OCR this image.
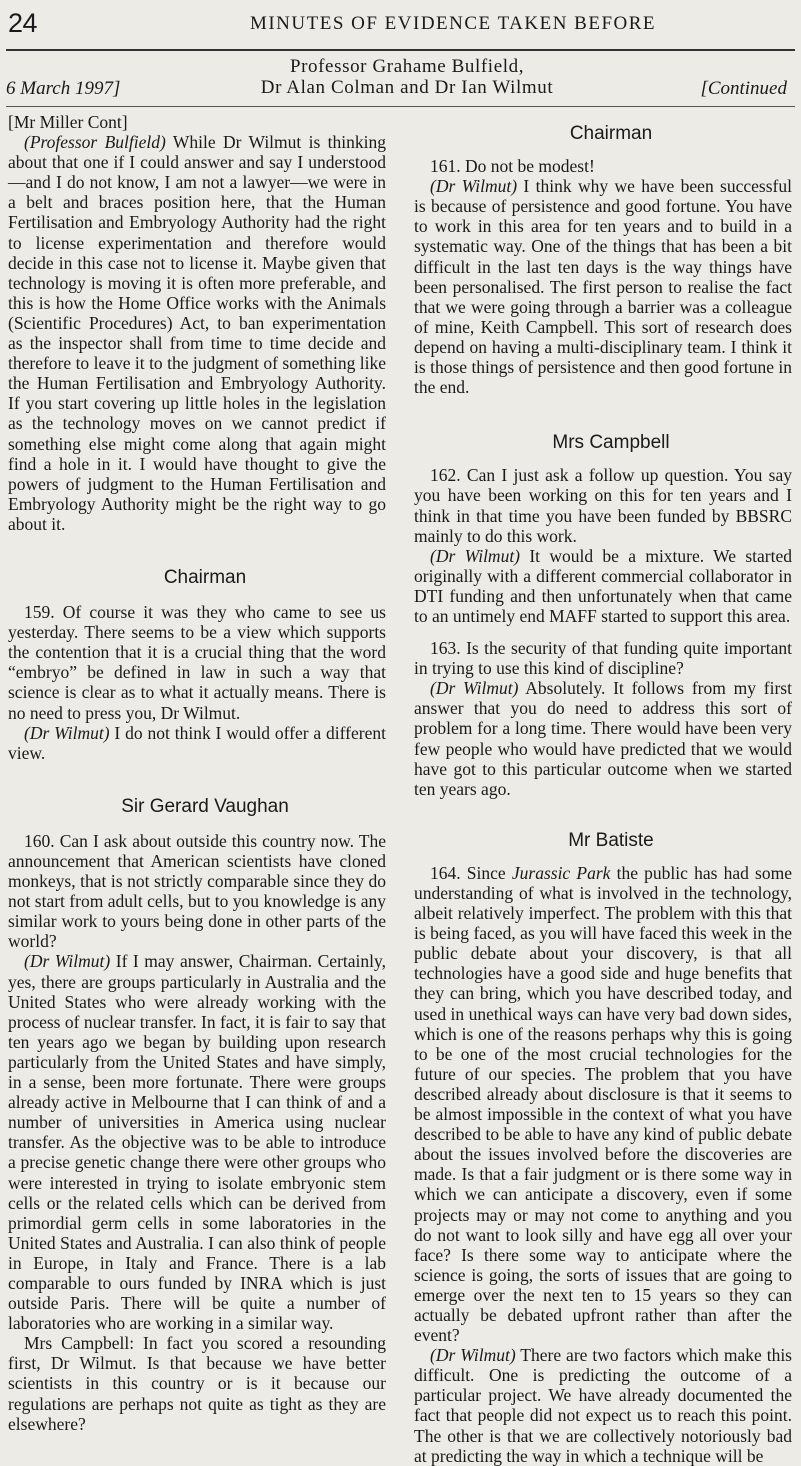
24	MINUTES OF EVIDENCE TAKEN BEFORE
6 March 1997]
Professor Grahame Bulfield,
Dr Alan Colman and Dr Ian Wilmut	[Continued

[Mr Miller Cont]

(Professor Bulfield) While Dr Wilmut is thinking about that one if I could answer and say I understood—and I do not know, I am not a lawyer—we were in a belt and braces position here, that the Human Fertilisation and Embryology Authority had the right to license experimentation and therefore would decide in this case not to license it. Maybe given that technology is moving it is often more preferable, and this is how the Home Office works with the Animals (Scientific Procedures) Act, to ban experimentation as the inspector shall from time to time decide and therefore to leave it to the judgment of something like the Human Fertilisation and Embryology Authority. If you start covering up little holes in the legislation as the technology moves on we cannot predict if something else might come along that again might find a hole in it. I would have thought to give the powers of judgment to the Human Fertilisation and Embryology Authority might be the right way to go about it.

Chairman

159. Of course it was they who came to see us yesterday. There seems to be a view which supports the contention that it is a crucial thing that the word “embryo” be defined in law in such a way that science is clear as to what it actually means. There is no need to press you, Dr Wilmut.

(Dr Wilmut) I do not think I would offer a different view.

Sir Gerard Vaughan

160. Can I ask about outside this country now. The announcement that American scientists have cloned monkeys, that is not strictly comparable since they do not start from adult cells, but to you knowledge is any similar work to yours being done in other parts of the world?

(Dr Wilmut) If I may answer, Chairman. Certainly, yes, there are groups particularly in Australia and the United States who were already working with the process of nuclear transfer. In fact, it is fair to say that ten years ago we began by building upon research particularly from the United States and have simply, in a sense, been more fortunate. There were groups already active in Melbourne that I can think of and a number of universities in America using nuclear transfer. As the objective was to be able to introduce a precise genetic change there were other groups who were interested in trying to isolate embryonic stem cells or the related cells which can be derived from primordial germ cells in some laboratories in the United States and Australia. I can also think of people in Europe, in Italy and France. There is a lab comparable to ours funded by INRA which is just outside Paris. There will be quite a number of laboratories who are working in a similar way.

Mrs Campbell: In fact you scored a resounding first, Dr Wilmut. Is that because we have better scientists in this country or is it because our regulations are perhaps not quite as tight as they are elsewhere?

Chairman

161. Do not be modest!

(Dr Wilmut) I think why we have been successful is because of persistence and good fortune. You have to work in this area for ten years and to build in a systematic way. One of the things that has been a bit difficult in the last ten days is the way things have been personalised. The first person to realise the fact that we were going through a barrier was a colleague of mine, Keith Campbell. This sort of research does depend on having a multi-disciplinary team. I think it is those things of persistence and then good fortune in the end.

Mrs Campbell

162. Can I just ask a follow up question. You say you have been working on this for ten years and I think in that time you have been funded by BBSRC mainly to do this work.

(Dr Wilmut) It would be a mixture. We started originally with a different commercial collaborator in DTI funding and then unfortunately when that came to an untimely end MAFF started to support this area.

163. Is the security of that funding quite important in trying to use this kind of discipline?

(Dr Wilmut) Absolutely. It follows from my first answer that you do need to address this sort of problem for a long time. There would have been very few people who would have predicted that we would have got to this particular outcome when we started ten years ago.

Mr Batiste

164. Since Jurassic Park the public has had some understanding of what is involved in the technology, albeit relatively imperfect. The problem with this that is being faced, as you will have faced this week in the public debate about your discovery, is that all technologies have a good side and huge benefits that they can bring, which you have described today, and used in unethical ways can have very bad down sides, which is one of the reasons perhaps why this is going to be one of the most crucial technologies for the future of our species. The problem that you have described already about disclosure is that it seems to be almost impossible in the context of what you have described to be able to have any kind of public debate about the issues involved before the discoveries are made. Is that a fair judgment or is there some way in which we can anticipate a discovery, even if some projects may or may not come to anything and you do not want to look silly and have egg all over your face? Is there some way to anticipate where the science is going, the sorts of issues that are going to emerge over the next ten to 15 years so they can actually be debated upfront rather than after the event?

(Dr Wilmut) There are two factors which make this difficult. One is predicting the outcome of a particular project. We have already documented the fact that people did not expect us to reach this point. The other is that we are collectively notoriously bad at predicting the way in which a technique will be
